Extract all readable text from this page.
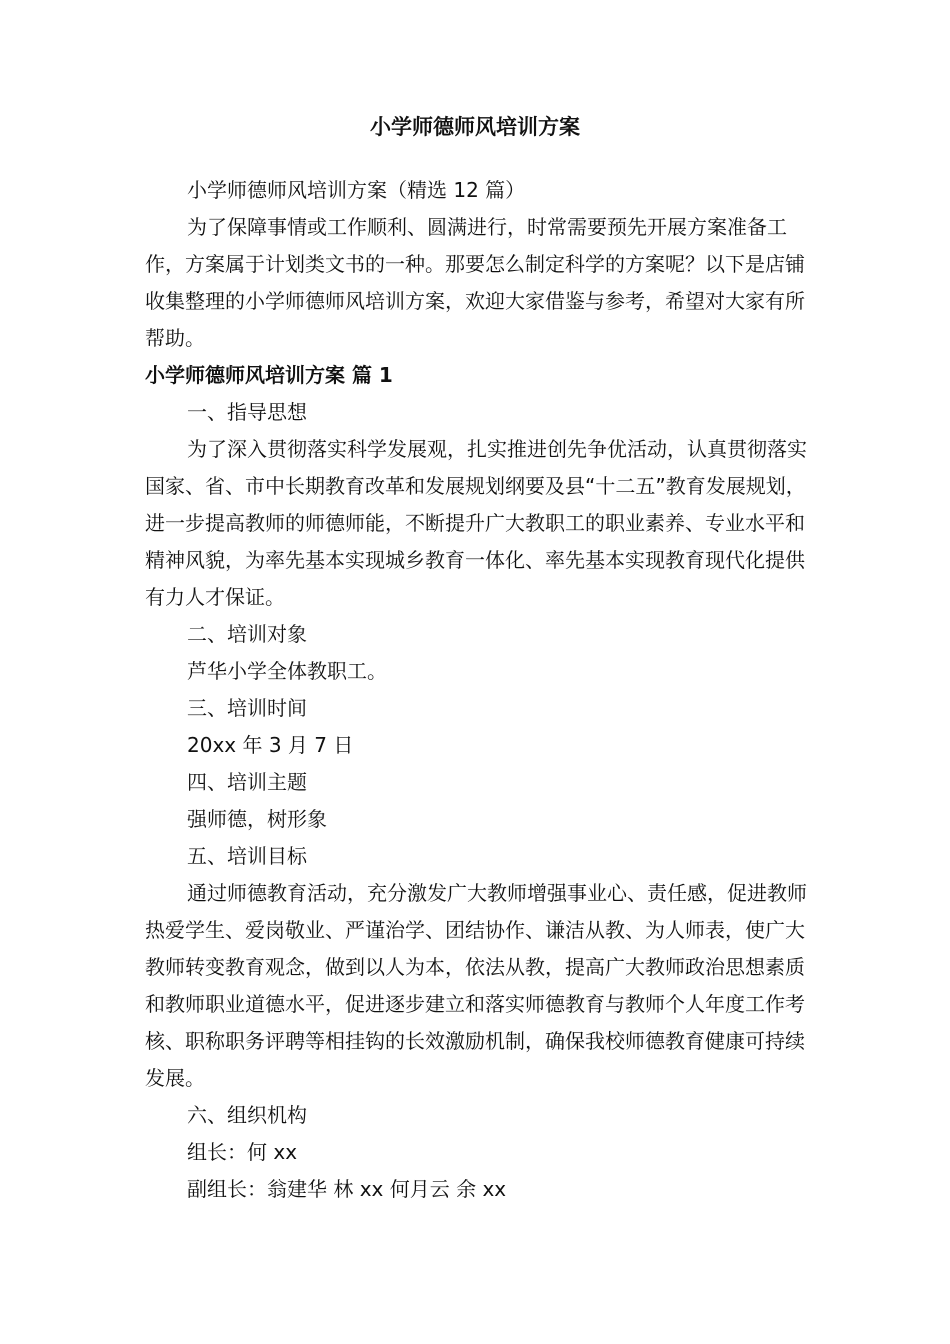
小学师德师风培训方案

小学师德师风培训方案（精选 12 篇）

为了保障事情或工作顺利、圆满进行，时常需要预先开展方案准备工作，方案属于计划类文书的一种。那要怎么制定科学的方案呢？以下是店铺收集整理的小学师德师风培训方案，欢迎大家借鉴与参考，希望对大家有所帮助。

小学师德师风培训方案 篇 1

一、指导思想

为了深入贯彻落实科学发展观，扎实推进创先争优活动，认真贯彻落实国家、省、市中长期教育改革和发展规划纲要及县“十二五”教育发展规划，进一步提高教师的师德师能，不断提升广大教职工的职业素养、专业水平和精神风貌，为率先基本实现城乡教育一体化、率先基本实现教育现代化提供有力人才保证。

二、培训对象

芦华小学全体教职工。

三、培训时间

20xx 年 3 月 7 日

四、培训主题

强师德，树形象

五、培训目标

通过师德教育活动，充分激发广大教师增强事业心、责任感，促进教师热爱学生、爱岗敬业、严谨治学、团结协作、谦洁从教、为人师表，使广大教师转变教育观念，做到以人为本，依法从教，提高广大教师政治思想素质和教师职业道德水平，促进逐步建立和落实师德教育与教师个人年度工作考核、职称职务评聘等相挂钩的长效激励机制，确保我校师德教育健康可持续发展。

六、组织机构

组长：何 xx

副组长：翁建华 林 xx 何月云 余 xx
